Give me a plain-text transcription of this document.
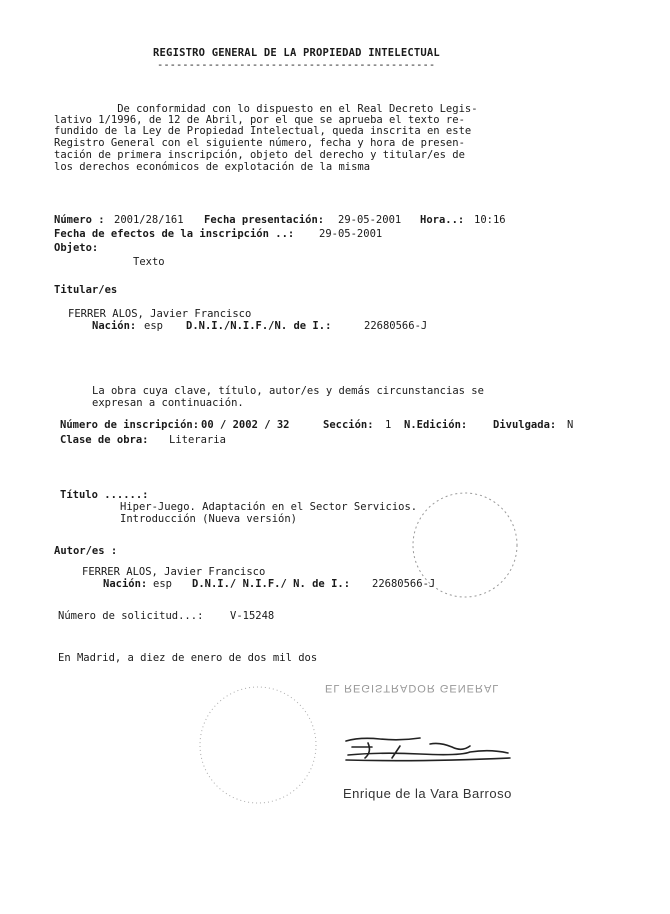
REGISTRO GENERAL DE LA PROPIEDAD INTELECTUAL
--------------------------------------------
De conformidad con lo dispuesto en el Real Decreto Legis-
lativo 1/1996, de 12 de Abril, por el que se aprueba el texto re-
fundido de la Ley de Propiedad Intelectual, queda inscrita en este
Registro General con el siguiente número, fecha y hora de presen-
tación de primera inscripción, objeto del derecho y titular/es de
los derechos económicos de explotación de la misma
Número : 2001/28/161 Fecha presentación: 29-05-2001 Hora..: 10:16
Fecha de efectos de la inscripción ..: 29-05-2001
Objeto:
Texto
Titular/es
FERRER ALOS, Javier Francisco
Nación: esp D.N.I./N.I.F./N. de I.:	22680566-J
La obra cuya clave, título, autor/es y demás circunstancias se
expresan a continuación.
Número de inscripción: 00 / 2002 / 32	Sección: 1 N.Edición: Divulgada: N
Clase de obra: Literaria
Título ......:
Hiper-Juego. Adaptación en el Sector Servicios.
Introducción (Nueva versión)
Autor/es :
FERRER ALOS, Javier Francisco
Nación: esp D.N.I./ N.I.F./ N. de I.: 22680566-J
Número de solicitud...:	V-15248
En Madrid, a diez de enero de dos mil dos
EL REGISTRADOR GENERAL
Enrique de la Vara Barroso
